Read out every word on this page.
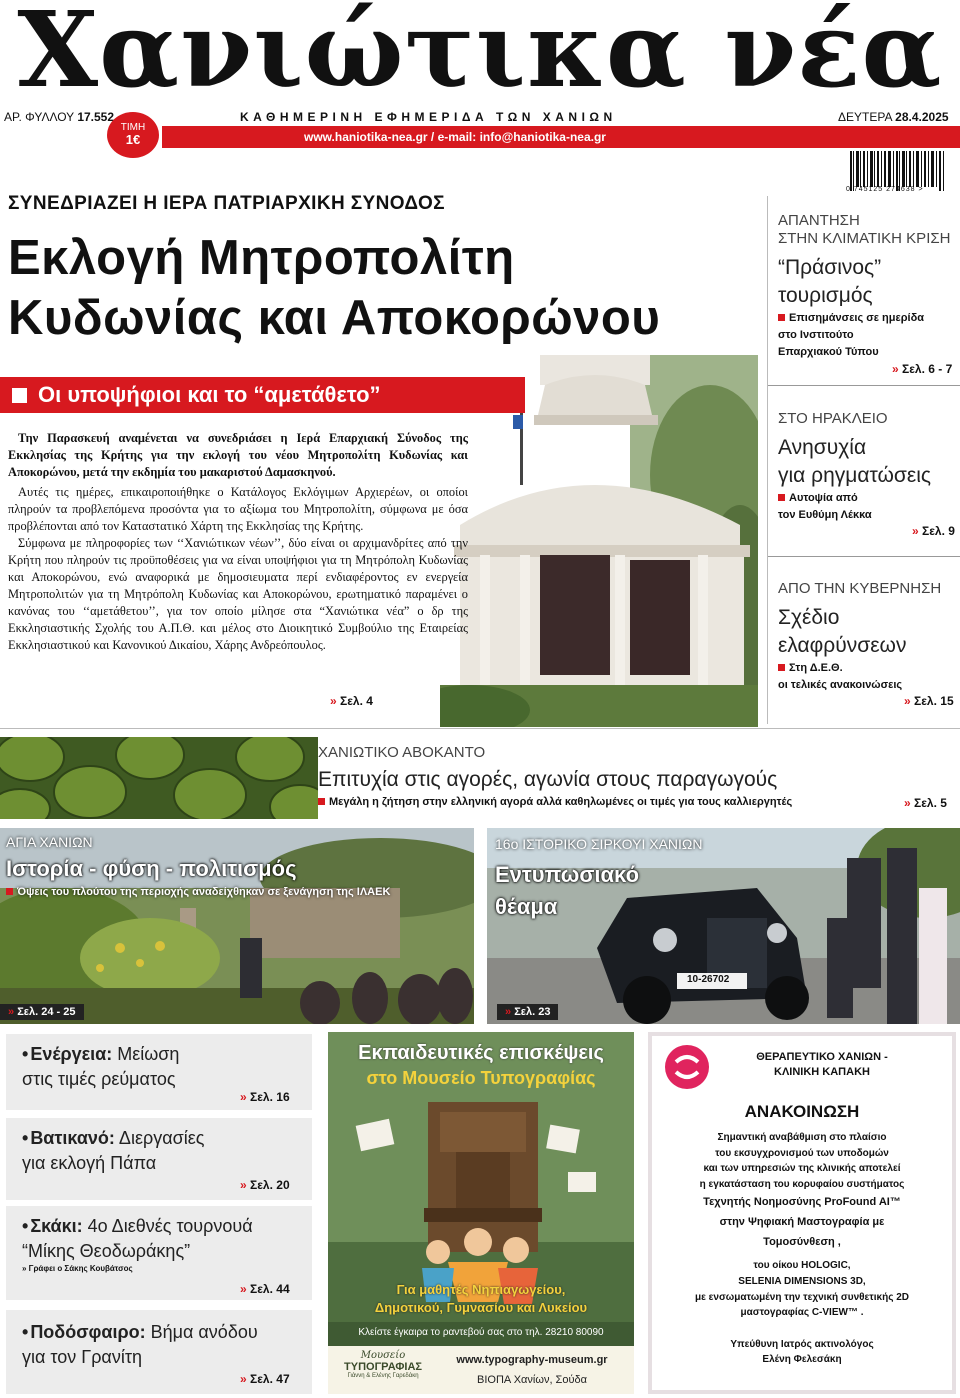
Χανιώτικα νέα
ΑΡ. ΦΥΛΛΟΥ 17.552
ΤΙΜΗ
1€
ΚΑΘΗΜΕΡΙΝΗ ΕΦΗΜΕΡΙΔΑ ΤΩΝ ΧΑΝΙΩΝ	ΔΕΥΤΕΡΑ 28.4.2025
www.haniotika-nea.gr / e-mail: info@haniotika-nea.gr
0 745125 274638 >
ΣΥΝΕΔΡΙΑΖΕΙ Η ΙΕΡΑ ΠΑΤΡΙΑΡΧΙΚΗ ΣΥΝΟΔΟΣ
Εκλογή Μητροπολίτη
Κυδωνίας και Αποκορώνου
Οι υποψήφιοι και το “αμετάθετο”
Την Παρασκευή αναμένεται να συνεδριάσει η Ιερά Επαρχιακή Σύνοδος της Εκκλησίας της Κρήτης για την εκλογή του νέου Μητροπολίτη Κυδωνίας και Αποκορώνου, μετά την εκδημία του μακαριστού Δαμασκηνού.

Αυτές τις ημέρες, επικαιροποιήθηκε ο Κατάλογος Εκλόγιμων Αρχιερέων, οι οποίοι πληρούν τα προβλεπόμενα προσόντα για το αξίωμα του Μητροπολίτη, σύμφωνα με όσα προβλέπονται από τον Καταστατικό Χάρτη της Εκκλησίας της Κρήτης.

Σύμφωνα με πληροφορίες των ‘‘Χανιώτικων νέων’’, δύο είναι οι αρχιμανδρίτες από την Κρήτη που πληρούν τις προϋποθέσεις για να είναι υποψήφιοι για τη Μητρόπολη Κυδωνίας και Αποκορώνου, ενώ αναφορικά με δημοσιευματα περί ενδιαφέροντος εν ενεργεία Μητροπολιτών για τη Μητρόπολη Κυδωνίας και Αποκορώνου, ερωτηματικό παραμένει ο κανόνας του ‘‘αμετάθετου’’, για τον οποίο μίλησε στα “Χανιώτικα νέα” ο δρ της Εκκλησιαστικής Σχολής του Α.Π.Θ. και μέλος στο Διοικητικό Συμβούλιο της Εταιρείας Εκκλησιαστικού και Κανονικού Δικαίου, Χάρης Ανδρεόπουλος.

» Σελ. 4
ΑΠΑΝΤΗΣΗ
ΣΤΗΝ ΚΛΙΜΑΤΙΚΗ ΚΡΙΣΗ
“Πράσινος”
τουρισμός
Επισημάνσεις σε ημερίδα
στο Ινστιτούτο
Επαρχιακού Τύπου
» Σελ. 6 - 7
ΣΤΟ ΗΡΑΚΛΕΙΟ
Ανησυχία
για ρηγματώσεις
Αυτοψία από
τον Ευθύμη Λέκκα
» Σελ. 9
ΑΠΟ ΤΗΝ ΚΥΒΕΡΝΗΣΗ
Σχέδιο
ελαφρύνσεων
Στη Δ.Ε.Θ.
οι τελικές ανακοινώσεις
» Σελ. 15
ΧΑΝΙΩΤΙΚΟ ΑΒΟΚΑΝΤΟ
Επιτυχία στις αγορές, αγωνία στους παραγωγούς
Μεγάλη η ζήτηση στην ελληνική αγορά αλλά καθηλωμένες οι τιμές για τους καλλιεργητές	» Σελ. 5
ΑΓΙΑ ΧΑΝΙΩΝ
Ιστορία - φύση - πολιτισμός
Όψεις του πλούτου της περιοχής αναδείχθηκαν σε ξενάγηση της ΙΛΑΕΚ
» Σελ. 24 - 25
10-26702
16ο ΙΣΤΟΡΙΚΟ ΣΙΡΚΟΥΙ ΧΑΝΙΩΝ
Εντυπωσιακό
θέαμα
» Σελ. 23
• Ενέργεια: Μείωση
στις τιμές ρεύματος
» Σελ. 16
• Βατικανό: Διεργασίες
για εκλογή Πάπα
» Σελ. 20
• Σκάκι: 4ο Διεθνές τουρνουά
“Μίκης Θεοδωράκης”
» Γράφει ο Σάκης Κουβάτσος
» Σελ. 44
• Ποδόσφαιρο: Βήμα ανόδου
για τον Γρανίτη
» Σελ. 47
Εκπαιδευτικές επισκέψεις
στο Μουσείο Τυπογραφίας
Για μαθητές Νηπιαγωγείου,
Δημοτικού, Γυμνασίου και Λυκείου
Κλείστε έγκαιρα το ραντεβού σας στο τηλ. 28210 80090
Μουσείο
ΤΥΠΟΓΡΑΦΙΑΣ
Γιάννη & Ελένης Γαρεδάκη
www.typography-museum.gr
ΒΙΟΠΑ Χανίων, Σούδα
ΘΕΡΑΠΕΥΤΙΚΟ ΧΑΝΙΩΝ -
ΚΛΙΝΙΚΗ ΚΑΠΑΚΗ
ΑΝΑΚΟΙΝΩΣΗ
Σημαντική αναβάθμιση στο πλαίσιο
του εκσυγχρονισμού των υποδομών
και των υπηρεσιών της κλινικής αποτελεί
η εγκατάσταση του κορυφαίου συστήματος
Τεχνητής Νοημοσύνης ProFound AI™
στην Ψηφιακή Μαστογραφία με
Τομοσύνθεση ,
του οίκου HOLOGIC,
SELENIA DIMENSIONS 3D,
με ενσωματωμένη την τεχνική συνθετικής 2D
μαστογραφίας C-VIEW™ .
Υπεύθυνη Ιατρός ακτινολόγος
Ελένη Φελεσάκη
